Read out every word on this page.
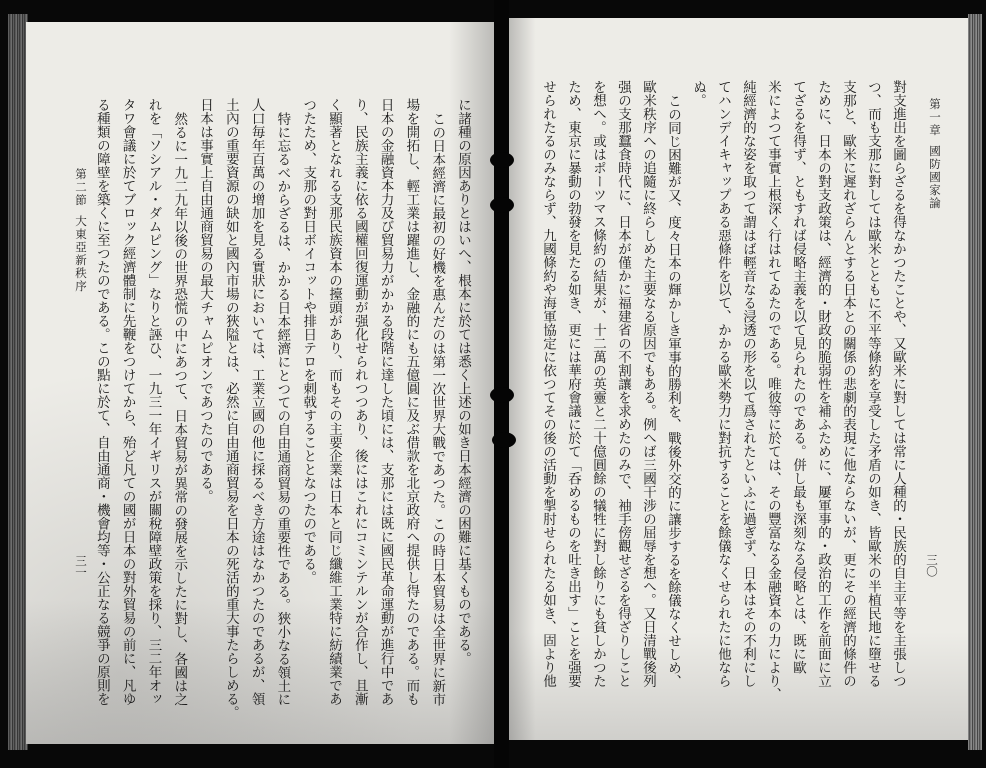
第一章國防國家論
三〇
對支進出を圖らざるを得なかつたことや、又歐米に對しては常に人種的・民族的自主平等を主張しつ
つ、而も支那に對しては歐米とともに不平等條約を享受した矛盾の如き、皆歐米の半植民地に墮せる
支那と、歐米に遲れざらんとする日本との關係の悲劇的表現に他ならないが、更にその經濟的條件の
ために、日本の對支政策は、經濟的・財政的脆弱性を補ふために、屢軍事的・政治的工作を前面に立
てざるを得ず、ともすれば侵略主義を以て見られたのである。併し最も深刻なる侵略とは、既に歐
米によつて事實上根深く行はれてゐたのである。唯彼等に於ては、その豐富なる金融資本の力により、
純經濟的な姿を取つて謂はば輕音なる浸透の形を以て爲されたといふに過ぎず、日本はその不利にし
てハンデイキャップある惡條件を以て、かかる歐米勢力に對抗することを餘儀なくせられたに他なら
ぬ。
この同じ困難が又、度々日本の輝かしき軍事的勝利を、戰後外交的に讓步するを餘儀なくせしめ、
歐米秩序への追隨に終らしめた主要なる原因でもある。例へば三國干涉の屈辱を想へ。又日清戰後列
强の支那蠶食時代に、日本が僅かに福建省の不割讓を求めたのみで、袖手傍觀せざるを得ざりしこと
を想へ。或はポーツマス條約の結果が、十二萬の英靈と二十億圓餘の犠牲に對し餘りにも貧しかつた
ため、東京に暴動の勃發を見たる如き、更には華府會議に於て「呑めるものを吐き出す」ことを强要
せられたるのみならず、九國條約や海軍協定に依つてその後の活動を掣肘せられたる如き、固より他
に諸種の原因ありとはいへ、根本に於ては悉く上述の如き日本經濟の困難に基くものである。
この日本經濟に最初の好機を惠んだのは第一次世界大戰であつた。この時日本貿易は全世界に新市
場を開拓し、輕工業は躍進し、金融的にも五億圓に及ぶ借款を北京政府へ提供し得たのである。而も
日本の金融資本力及び貿易力がかかる段階に達した頃には、支那には既に國民革命運動が進行中であ
り、民族主義に依る國權回復運動が强化せられつつあり、後にはこれにコミンテルンが合作し、且漸
く顯著となれる支那民族資本の擡頭があり、而もその主要企業は日本と同じ纖維工業特に紡績業であ
つたため、支那の對日ボイコットや排日テロを刺戟することとなつたのである。
特に忘るべからざるは、かかる日本經濟にとつての自由通商貿易の重要性である。狹小なる領土に
人口毎年百萬の增加を見る實狀においては、工業立國の他に採るべき方途はなかつたのであるが、領
土內の重要資源の缺如と國內市場の狹隘とは、必然に自由通商貿易を日本の死活的重大事たらしめる。
日本は事實上自由通商貿易の最大チャムピオンであつたのである。
然るに一九二九年以後の世界恐慌の中にあつて、日本貿易が異常の發展を示したに對し、各國は之
れを「ソシアル・ダムピング」なりと誣ひ、一九三一年イギリスが關稅障壁政策を採り、三二年オッ
タワ會議に於てブロック經濟體制に先鞭をつけてから、殆ど凡ての國が日本の對外貿易の前に、凡ゆ
る種類の障壁を築くに至つたのである。この點に於て、自由通商・機會均等・公正なる競爭の原則を
第二節大東亞新秩序
三一
